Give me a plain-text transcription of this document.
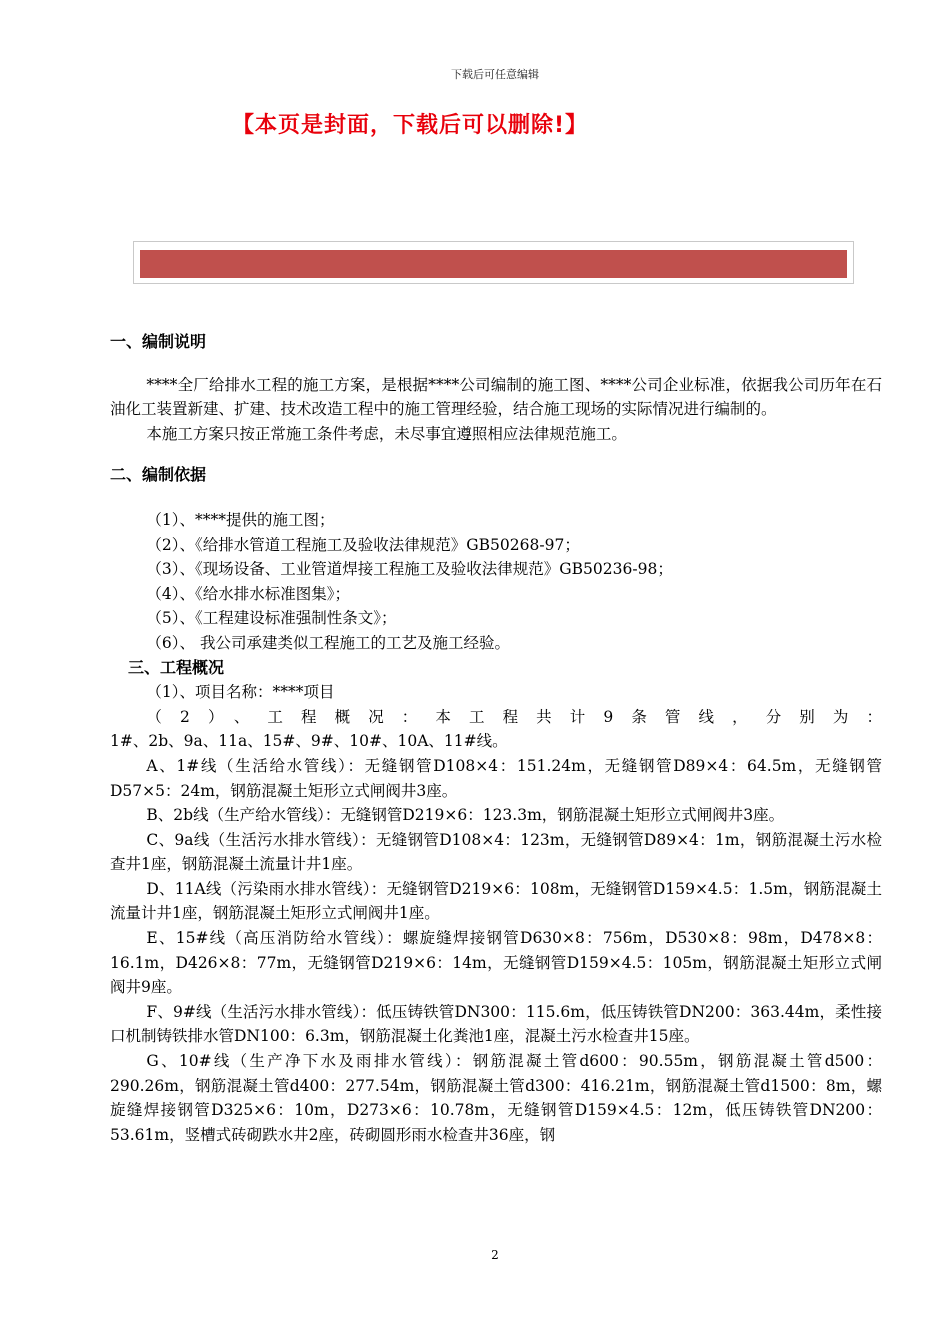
下载后可任意编辑
【本页是封面，下载后可以删除!】
一、编制说明

****全厂给排水工程的施工方案，是根据****公司编制的施工图、****公司企业标准，依据我公司历年在石油化工装置新建、扩建、技术改造工程中的施工管理经验，结合施工现场的实际情况进行编制的。

本施工方案只按正常施工条件考虑，未尽事宜遵照相应法律规范施工。

二、编制依据

（1）、****提供的施工图；

（2）、《给排水管道工程施工及验收法律规范》GB50268-97；

（3）、《现场设备、工业管道焊接工程施工及验收法律规范》GB50236-98；

（4）、《给水排水标准图集》；

（5）、《工程建设标准强制性条文》；

（6）、 我公司承建类似工程施工的工艺及施工经验。

三、工程概况

（1）、项目名称：****项目

（2）、工程概况：本工程共计9条管线，分别为：

1#、2b、9a、11a、15#、9#、10#、10A、11#线。

A、1#线（生活给水管线）：无缝钢管D108×4：151.24m，无缝钢管D89×4：64.5m，无缝钢管D57×5：24m，钢筋混凝土矩形立式闸阀井3座。

B、2b线（生产给水管线）：无缝钢管D219×6：123.3m，钢筋混凝土矩形立式闸阀井3座。

C、9a线（生活污水排水管线）：无缝钢管D108×4：123m，无缝钢管D89×4：1m，钢筋混凝土污水检查井1座，钢筋混凝土流量计井1座。

D、11A线（污染雨水排水管线）：无缝钢管D219×6：108m，无缝钢管D159×4.5：1.5m，钢筋混凝土流量计井1座，钢筋混凝土矩形立式闸阀井1座。

E、15#线（高压消防给水管线）：螺旋缝焊接钢管D630×8：756m，D530×8：98m，D478×8：16.1m，D426×8：77m，无缝钢管D219×6：14m，无缝钢管D159×4.5：105m，钢筋混凝土矩形立式闸阀井9座。

F、9#线（生活污水排水管线）：低压铸铁管DN300：115.6m，低压铸铁管DN200：363.44m，柔性接口机制铸铁排水管DN100：6.3m，钢筋混凝土化粪池1座，混凝土污水检查井15座。

G、10#线（生产净下水及雨排水管线）：钢筋混凝土管d600：90.55m，钢筋混凝土管d500：290.26m，钢筋混凝土管d400：277.54m，钢筋混凝土管d300：416.21m，钢筋混凝土管d1500：8m，螺旋缝焊接钢管D325×6：10m，D273×6：10.78m，无缝钢管D159×4.5：12m，低压铸铁管DN200：53.61m，竖槽式砖砌跌水井2座，砖砌圆形雨水检查井36座，钢

2
